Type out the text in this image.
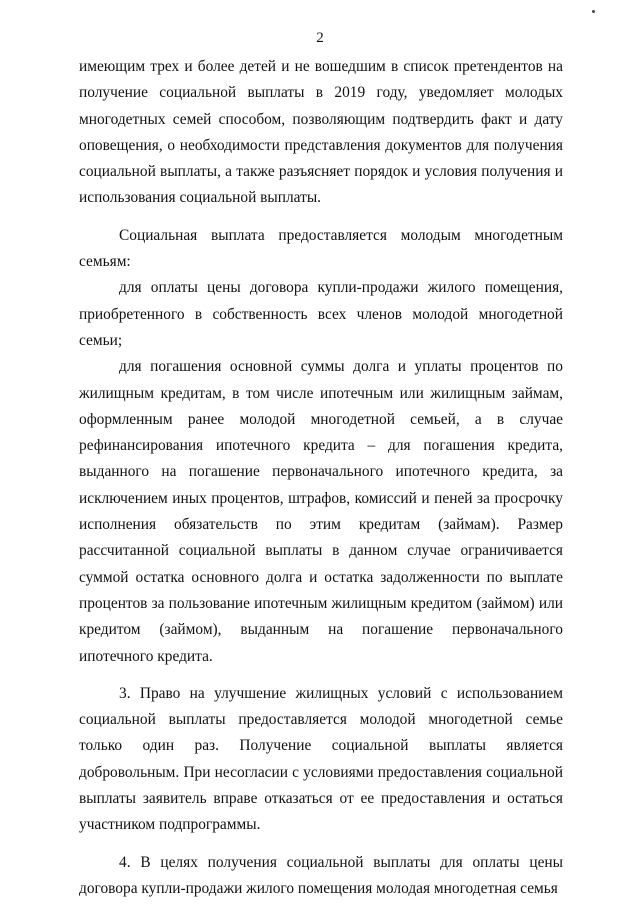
2

имеющим трех и более детей и не вошедшим в список претендентов на получение социальной выплаты в 2019 году, уведомляет молодых многодетных семей способом, позволяющим подтвердить факт и дату оповещения, о необходимости представления документов для получения социальной выплаты, а также разъясняет порядок и условия получения и использования социальной выплаты.

Социальная выплата предоставляется молодым многодетным семьям:

для оплаты цены договора купли-продажи жилого помещения, приобретенного в собственность всех членов молодой многодетной семьи;

для погашения основной суммы долга и уплаты процентов по жилищным кредитам, в том числе ипотечным или жилищным займам, оформленным ранее молодой многодетной семьей, а в случае рефинансирования ипотечного кредита – для погашения кредита, выданного на погашение первоначального ипотечного кредита, за исключением иных процентов, штрафов, комиссий и пеней за просрочку исполнения обязательств по этим кредитам (займам). Размер рассчитанной социальной выплаты в данном случае ограничивается суммой остатка основного долга и остатка задолженности по выплате процентов за пользование ипотечным жилищным кредитом (займом) или кредитом (займом), выданным на погашение первоначального ипотечного кредита.

3. Право на улучшение жилищных условий с использованием социальной выплаты предоставляется молодой многодетной семье только один раз. Получение социальной выплаты является добровольным. При несогласии с условиями предоставления социальной выплаты заявитель вправе отказаться от ее предоставления и остаться участником подпрограммы.

4. В целях получения социальной выплаты для оплаты цены договора купли-продажи жилого помещения молодая многодетная семья
